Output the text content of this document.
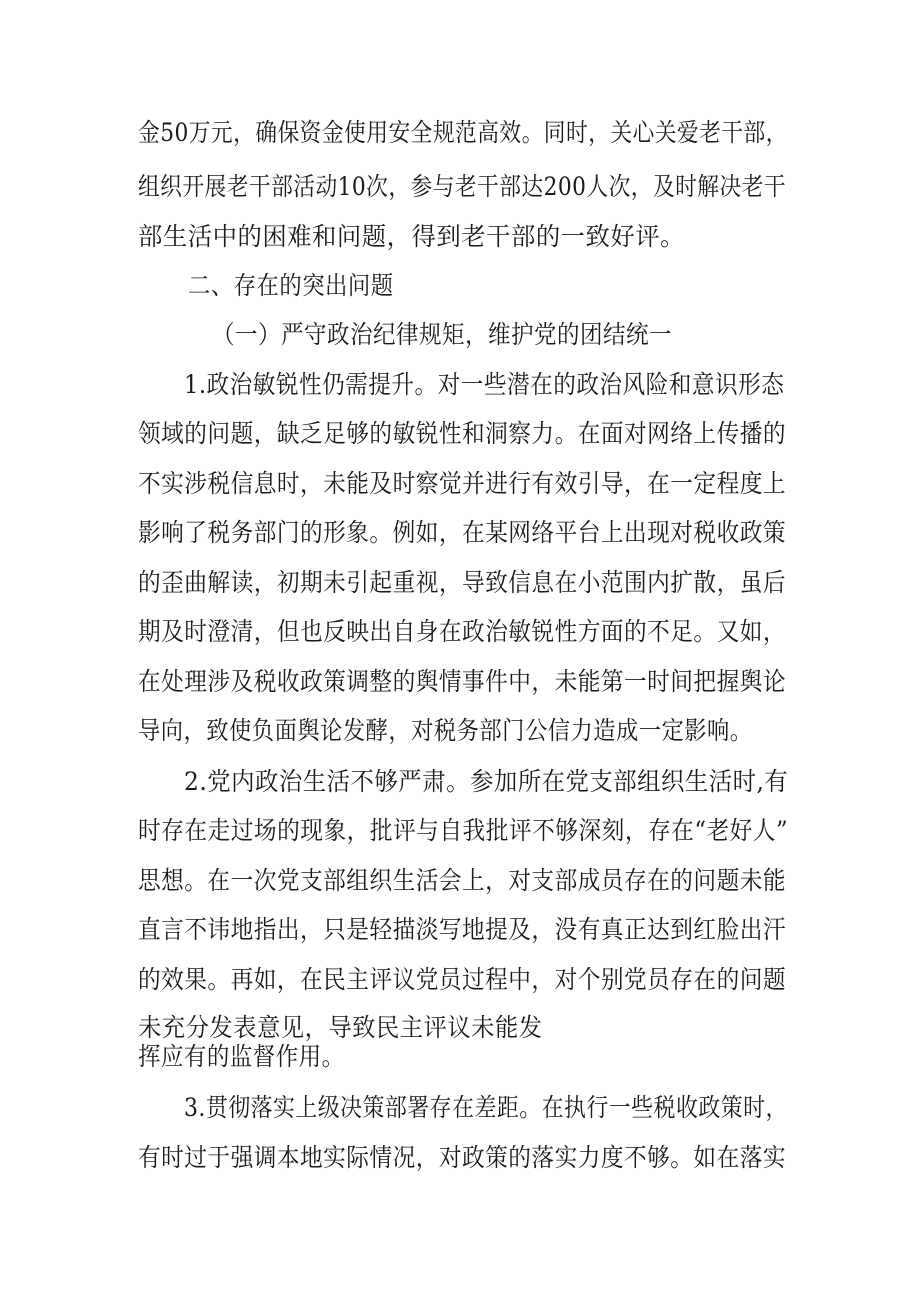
金50万元，确保资金使用安全规范高效。同时，关心关爱老干部，
组织开展老干部活动10次，参与老干部达200人次，及时解决老干
部生活中的困难和问题，得到老干部的一致好评。
二、存在的突出问题
（一）严守政治纪律规矩，维护党的团结统一
1.政治敏锐性仍需提升。对一些潜在的政治风险和意识形态
领域的问题，缺乏足够的敏锐性和洞察力。在面对网络上传播的
不实涉税信息时，未能及时察觉并进行有效引导，在一定程度上
影响了税务部门的形象。例如，在某网络平台上出现对税收政策
的歪曲解读，初期未引起重视，导致信息在小范围内扩散，虽后
期及时澄清，但也反映出自身在政治敏锐性方面的不足。又如，
在处理涉及税收政策调整的舆情事件中，未能第一时间把握舆论
导向，致使负面舆论发酵，对税务部门公信力造成一定影响。
2.党内政治生活不够严肃。参加所在党支部组织生活时,有
时存在走过场的现象，批评与自我批评不够深刻，存在“老好人”
思想。在一次党支部组织生活会上，对支部成员存在的问题未能
直言不讳地指出，只是轻描淡写地提及，没有真正达到红脸出汗
的效果。再如，在民主评议党员过程中，对个别党员存在的问题
未充分发表意见，导致民主评议未能发
挥应有的监督作用。
3.贯彻落实上级决策部署存在差距。在执行一些税收政策时，
有时过于强调本地实际情况，对政策的落实力度不够。如在落实
